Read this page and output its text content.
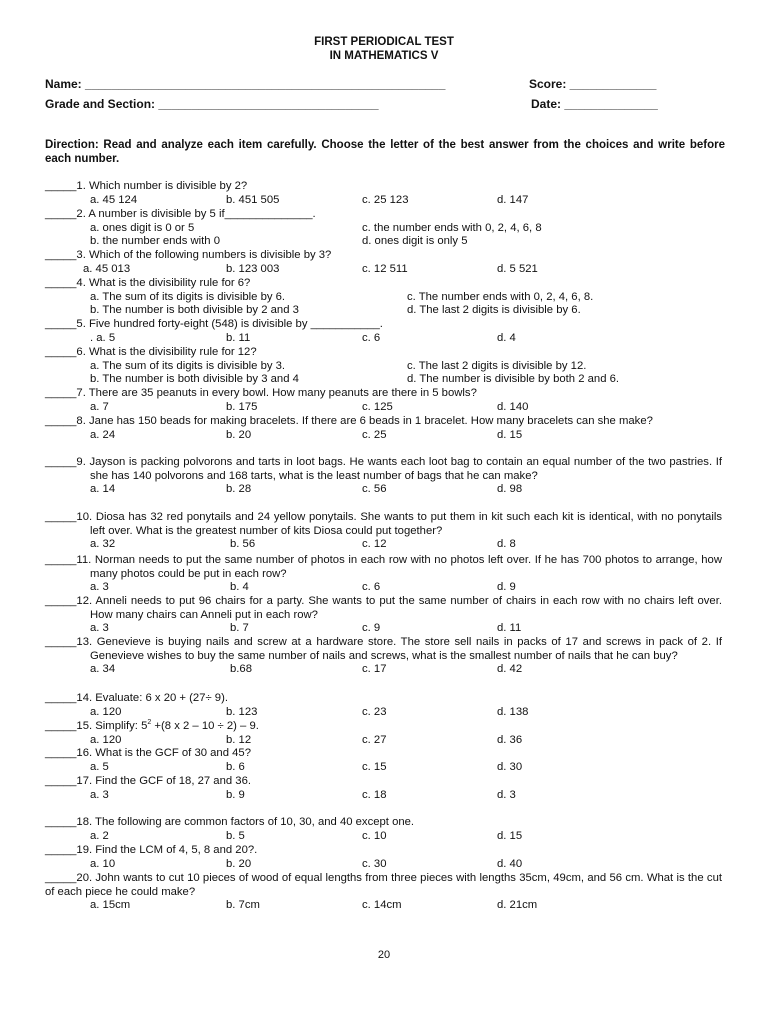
FIRST PERIODICAL TEST
IN MATHEMATICS V
Name: ______________________________________________________	Score: _____________
Grade and Section: _________________________________	Date: ______________
Direction: Read and analyze each item carefully. Choose the letter of the best answer from the choices and write before each number.
_____1. Which number is divisible by 2?
a. 45 124	b. 451 505	c. 25 123	d. 147
_____2. A number is divisible by 5 if______________.
a. ones digit is 0 or 5	c. the number ends with 0, 2, 4, 6, 8
b. the number ends with 0	d. ones digit is only 5
_____3. Which of the following numbers is divisible by 3?
a. 45 013	b. 123 003	c. 12 511	d. 5 521
_____4. What is the divisibility rule for 6?
a. The sum of its digits is divisible by 6.	c. The number ends with 0, 2, 4, 6, 8.
b. The number is both divisible by 2 and 3	d. The last 2 digits is divisible by 6.
_____5. Five hundred forty-eight (548) is divisible by ___________.
. a. 5	b. 11	c. 6	d. 4
_____6. What is the divisibility rule for 12?
a. The sum of its digits is divisible by 3.	c. The last 2 digits is divisible by 12.
b. The number is both divisible by 3 and 4	d. The number is divisible by both 2 and 6.
_____7. There are 35 peanuts in every bowl. How many peanuts are there in 5 bowls?
a. 7	b. 175	c. 125	d. 140
_____8. Jane has 150 beads for making bracelets. If there are 6 beads in 1 bracelet. How many bracelets can she make?
a. 24	b. 20	c. 25	d. 15
_____9. Jayson is packing polvorons and tarts in loot bags. He wants each loot bag to contain an equal number of the two pastries. If she has 140 polvorons and 168 tarts, what is the least number of bags that he can make?
a. 14	b. 28	c. 56	d. 98
_____10. Diosa has 32 red ponytails and 24 yellow ponytails. She wants to put them in kit such each kit is identical, with no ponytails left over. What is the greatest number of kits Diosa could put together?
a. 32	b. 56	c. 12	d. 8
_____11. Norman needs to put the same number of photos in each row with no photos left over. If he has 700 photos to arrange, how many photos could be put in each row?
a. 3	b. 4	c. 6	d. 9
_____12. Anneli needs to put 96 chairs for a party. She wants to put the same number of chairs in each row with no chairs left over. How many chairs can Anneli put in each row?
a. 3	b. 7	c. 9	d. 11
_____13. Genevieve is buying nails and screw at a hardware store. The store sell nails in packs of 17 and screws in pack of 2. If Genevieve wishes to buy the same number of nails and screws, what is the smallest number of nails that he can buy?
a. 34	b.68	c. 17	d. 42
_____14. Evaluate: 6 x 20 + (27÷ 9).
a. 120	b. 123	c. 23	d. 138
_____15. Simplify: $5^2 +(8$ x 2 – 10 ÷ 2) – 9.
a. 120	b. 12	c. 27	d. 36
_____16. What is the GCF of 30 and 45?
a. 5	b. 6	c. 15	d. 30
_____17. Find the GCF of 18, 27 and 36.
a. 3	b. 9	c. 18	d. 3
_____18. The following are common factors of 10, 30, and 40 except one.
a. 2	b. 5	c. 10	d. 15
_____19. Find the LCM of 4, 5, 8 and 20?.
a. 10	b. 20	c. 30	d. 40
_____20. John wants to cut 10 pieces of wood of equal lengths from three pieces with lengths 35cm, 49cm, and 56 cm. What is the cut of each piece he could make?
a. 15cm	b. 7cm	c. 14cm	d. 21cm
20
